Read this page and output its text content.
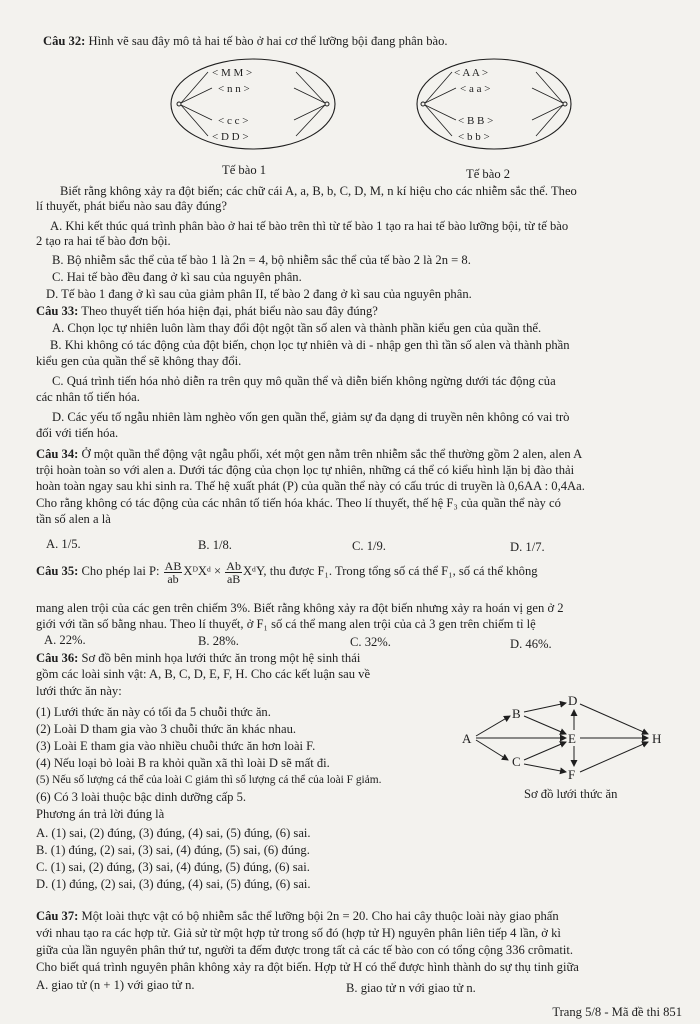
Câu 32: Hình vẽ sau đây mô tả hai tế bào ở hai cơ thể lưỡng bội đang phân bào.
< M M >
< n n >
< c c >
< D D >
Tế bào 1
< A A >
< a a >
< B B >
< b b >
Tế bào 2
Biết rằng không xảy ra đột biến; các chữ cái A, a, B, b, C, D, M, n kí hiệu cho các nhiễm sắc thể. Theo
lí thuyết, phát biểu nào sau đây đúng?
A. Khi kết thúc quá trình phân bào ở hai tế bào trên thì từ tế bào 1 tạo ra hai tế bào lưỡng bội, từ tế bào
2 tạo ra hai tế bào đơn bội.
B. Bộ nhiễm sắc thể của tế bào 1 là 2n = 4, bộ nhiễm sắc thể của tế bào 2 là 2n = 8.
C. Hai tế bào đều đang ở kì sau của nguyên phân.
D. Tế bào 1 đang ở kì sau của giảm phân II, tế bào 2 đang ở kì sau của nguyên phân.
Câu 33: Theo thuyết tiến hóa hiện đại, phát biểu nào sau đây đúng?
A. Chọn lọc tự nhiên luôn làm thay đổi đột ngột tần số alen và thành phần kiểu gen của quần thể.
B. Khi không có tác động của đột biến, chọn lọc tự nhiên và di - nhập gen thì tần số alen và thành phần
kiểu gen của quần thể sẽ không thay đổi.
C. Quá trình tiến hóa nhỏ diễn ra trên quy mô quần thể và diễn biến không ngừng dưới tác động của
các nhân tố tiến hóa.
D. Các yếu tố ngẫu nhiên làm nghèo vốn gen quần thể, giảm sự đa dạng di truyền nên không có vai trò
đối với tiến hóa.
Câu 34: Ở một quần thể động vật ngẫu phối, xét một gen nằm trên nhiễm sắc thể thường gồm 2 alen, alen A
trội hoàn toàn so với alen a. Dưới tác động của chọn lọc tự nhiên, những cá thể có kiểu hình lặn bị đào thải
hoàn toàn ngay sau khi sinh ra. Thế hệ xuất phát (P) của quần thể này có cấu trúc di truyền là 0,6AA : 0,4Aa.
Cho rằng không có tác động của các nhân tố tiến hóa khác. Theo lí thuyết, thế hệ F₃ của quần thể này có
tần số alen a là
A. 1/5.	B. 1/8.	C. 1/9.	D. 1/7.
Câu 35: Cho phép lai P: $\frac{AB}{ab}$ XᴰXᵈ × $\frac{Ab}{aB}$ XᵈY, thu được F₁. Trong tổng số cá thể F₁, số cá thể không
mang alen trội của các gen trên chiếm 3%. Biết rằng không xảy ra đột biến nhưng xảy ra hoán vị gen ở 2
giới với tần số bằng nhau. Theo lí thuyết, ở F₁ số cá thể mang alen trội của cả 3 gen trên chiếm tỉ lệ
A. 22%.	B. 28%.	C. 32%.	D. 46%.
Câu 36: Sơ đồ bên minh họa lưới thức ăn trong một hệ sinh thái
gồm các loài sinh vật: A, B, C, D, E, F, H. Cho các kết luận sau về
lưới thức ăn này:
(1) Lưới thức ăn này có tối đa 5 chuỗi thức ăn.
(2) Loài D tham gia vào 3 chuỗi thức ăn khác nhau.
(3) Loài E tham gia vào nhiều chuỗi thức ăn hơn loài F.
(4) Nếu loại bỏ loài B ra khỏi quần xã thì loài D sẽ mất đi.
(5) Nếu số lượng cá thể của loài C giảm thì số lượng cá thể của loài F giảm.
(6) Có 3 loài thuộc bậc dinh dưỡng cấp 5.
Phương án trả lời đúng là
A. (1) sai, (2) đúng, (3) đúng, (4) sai, (5) đúng, (6) sai.
B. (1) đúng, (2) sai, (3) sai, (4) đúng, (5) sai, (6) đúng.
C. (1) sai, (2) đúng, (3) sai, (4) đúng, (5) đúng, (6) sai.
D. (1) đúng, (2) sai, (3) đúng, (4) sai, (5) đúng, (6) sai.
A
B
C
D
E
F
H
Sơ đồ lưới thức ăn
Câu 37: Một loài thực vật có bộ nhiễm sắc thể lưỡng bội 2n = 20. Cho hai cây thuộc loài này giao phấn
với nhau tạo ra các hợp tử. Giả sử từ một hợp tử trong số đó (hợp tử H) nguyên phân liên tiếp 4 lần, ở kì
giữa của lần nguyên phân thứ tư, người ta đếm được trong tất cả các tế bào con có tổng cộng 336 crômatit.
Cho biết quá trình nguyên phân không xảy ra đột biến. Hợp tử H có thể được hình thành do sự thụ tinh giữa
A. giao tử (n + 1) với giao tử n.	B. giao tử n với giao tử n.
Trang 5/8 - Mã đề thi 851
